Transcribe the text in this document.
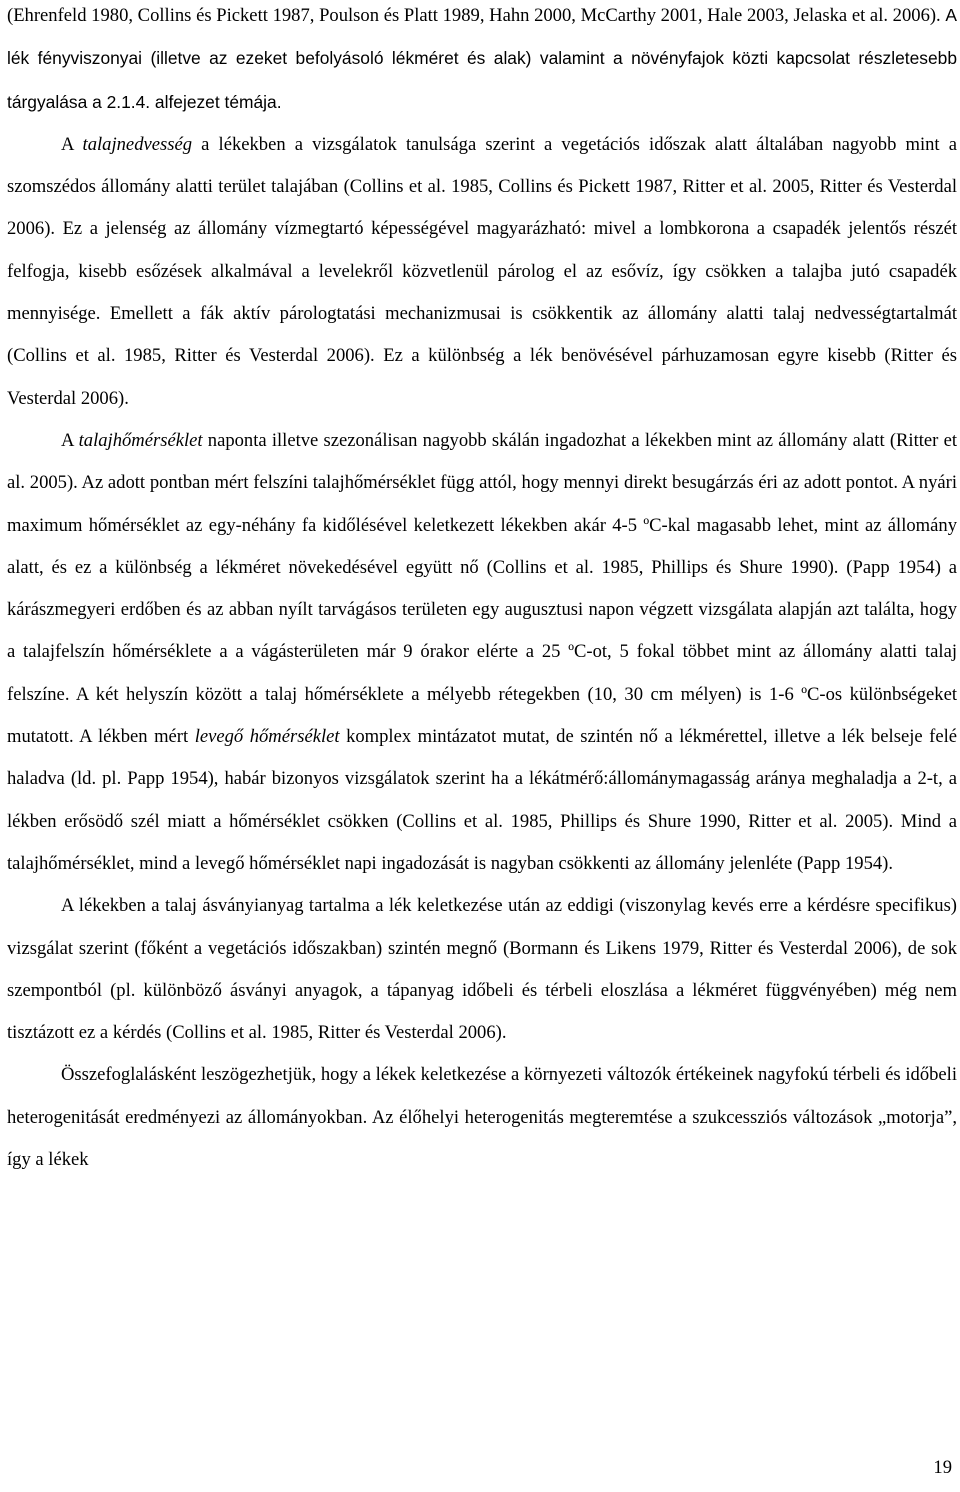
(Ehrenfeld 1980, Collins és Pickett 1987, Poulson és Platt 1989, Hahn 2000, McCarthy 2001, Hale 2003, Jelaska et al. 2006). A lék fényviszonyai (illetve az ezeket befolyásoló lékméret és alak) valamint a növényfajok közti kapcsolat részletesebb tárgyalása a 2.1.4. alfejezet témája.

A talajnedvesség a lékekben a vizsgálatok tanulsága szerint a vegetációs időszak alatt általában nagyobb mint a szomszédos állomány alatti terület talajában (Collins et al. 1985, Collins és Pickett 1987, Ritter et al. 2005, Ritter és Vesterdal 2006). Ez a jelenség az állomány vízmegtartó képességével magyarázható: mivel a lombkorona a csapadék jelentős részét felfogja, kisebb esőzések alkalmával a levelekről közvetlenül párolog el az esővíz, így csökken a talajba jutó csapadék mennyisége. Emellett a fák aktív párologtatási mechanizmusai is csökkentik az állomány alatti talaj nedvességtartalmát (Collins et al. 1985, Ritter és Vesterdal 2006). Ez a különbség a lék benövésével párhuzamosan egyre kisebb (Ritter és Vesterdal 2006).

A talajhőmérséklet naponta illetve szezonálisan nagyobb skálán ingadozhat a lékekben mint az állomány alatt (Ritter et al. 2005). Az adott pontban mért felszíni talajhőmérséklet függ attól, hogy mennyi direkt besugárzás éri az adott pontot. A nyári maximum hőmérséklet az egy-néhány fa kidőlésével keletkezett lékekben akár 4-5 ºC-kal magasabb lehet, mint az állomány alatt, és ez a különbség a lékméret növekedésével együtt nő (Collins et al. 1985, Phillips és Shure 1990). (Papp 1954) a kárászmegyeri erdőben és az abban nyílt tarvágásos területen egy augusztusi napon végzett vizsgálata alapján azt találta, hogy a talajfelszín hőmérséklete a a vágásterületen már 9 órakor elérte a 25 ºC-ot, 5 fokal többet mint az állomány alatti talaj felszíne. A két helyszín között a talaj hőmérséklete a mélyebb rétegekben (10, 30 cm mélyen) is 1-6 ºC-os különbségeket mutatott. A lékben mért levegő hőmérséklet komplex mintázatot mutat, de szintén nő a lékmérettel, illetve a lék belseje felé haladva (ld. pl. Papp 1954), habár bizonyos vizsgálatok szerint ha a lékátmérő:állománymagasság aránya meghaladja a 2-t, a lékben erősödő szél miatt a hőmérséklet csökken (Collins et al. 1985, Phillips és Shure 1990, Ritter et al. 2005). Mind a talajhőmérséklet, mind a levegő hőmérséklet napi ingadozását is nagyban csökkenti az állomány jelenléte (Papp 1954).

A lékekben a talaj ásványianyag tartalma a lék keletkezése után az eddigi (viszonylag kevés erre a kérdésre specifikus) vizsgálat szerint (főként a vegetációs időszakban) szintén megnő (Bormann és Likens 1979, Ritter és Vesterdal 2006), de sok szempontból (pl. különböző ásványi anyagok, a tápanyag időbeli és térbeli eloszlása a lékméret függvényében) még nem tisztázott ez a kérdés (Collins et al. 1985, Ritter és Vesterdal 2006).

Összefoglalásként leszögezhetjük, hogy a lékek keletkezése a környezeti változók értékeinek nagyfokú térbeli és időbeli heterogenitását eredményezi az állományokban. Az élőhelyi heterogenitás megteremtése a szukcessziós változások „motorja”, így a lékek

19
